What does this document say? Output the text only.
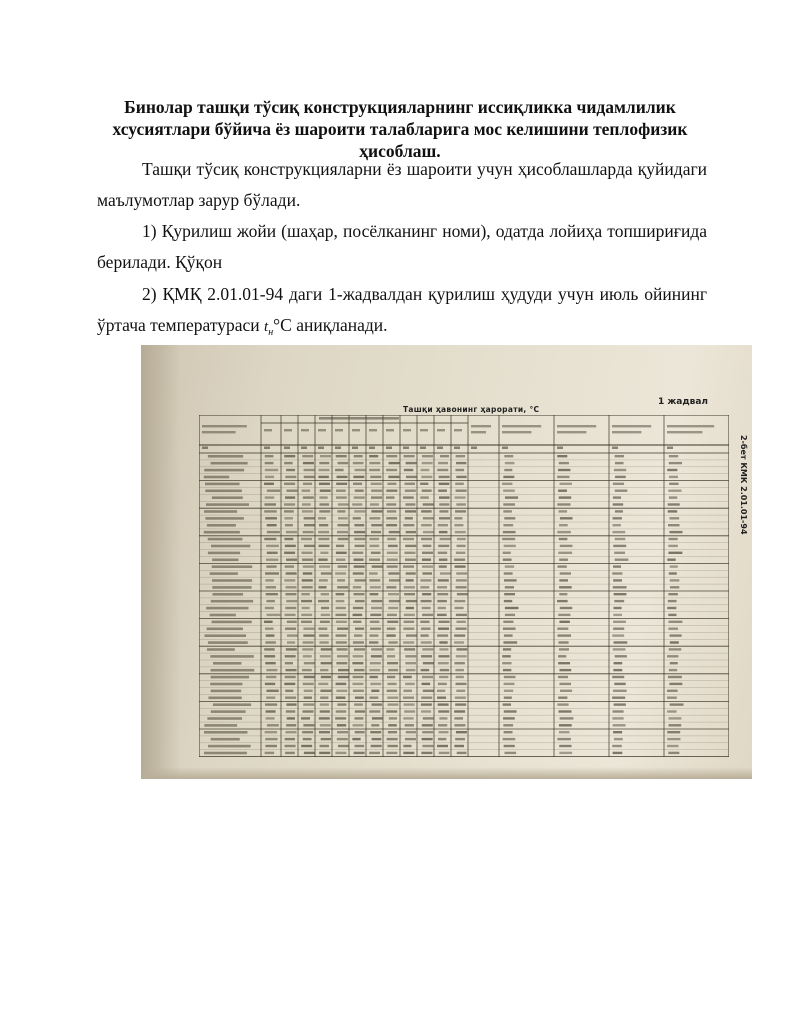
Бинолар ташқи тўсиқ конструкцияларнинг иссиқликка чидамлилик хсусиятлари бўйича ёз шароити талабларига мос келишини теплофизик ҳисоблаш.
Ташқи тўсиқ конструкцияларни ёз шароити учун ҳисоблашларда қуйидаги маълумотлар зарур бўлади.
1) Қурилиш жойи (шаҳар, посёлканинг номи), одатда лойиҳа топшириғида берилади. Қўқон
2) ҚМҚ 2.01.01-94 даги 1-жадвалдан қурилиш ҳудуди учун июль ойининг ўртача температураси $t_н^\circ C$ аниқланади.
1 жадвал
Ташқи ҳавонинг ҳарорати, °C
2-бет КМК 2.01.01-94
